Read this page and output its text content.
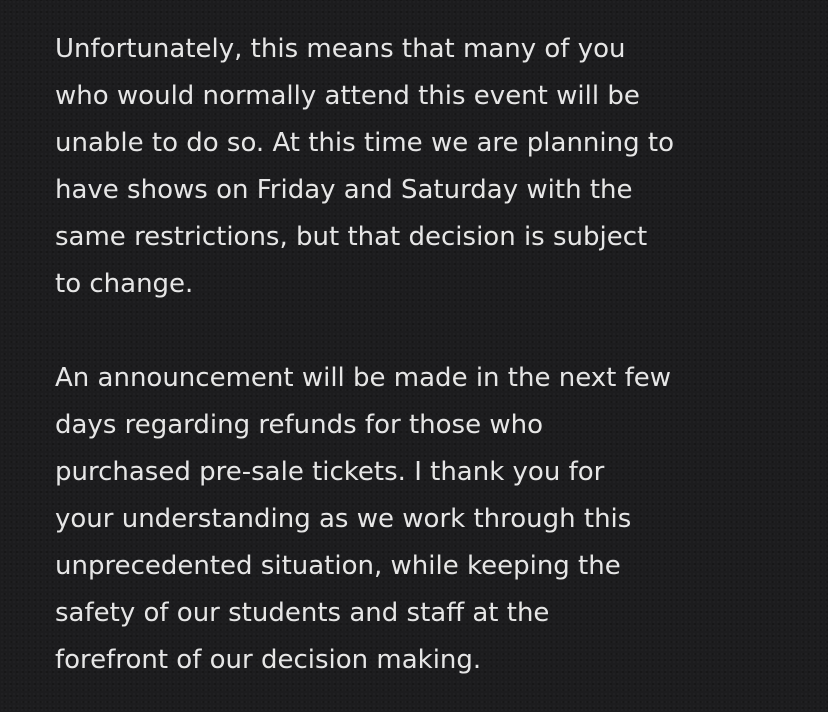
Unfortunately, this means that many of you
who would normally attend this event will be
unable to do so. At this time we are planning to
have shows on Friday and Saturday with the
same restrictions, but that decision is subject
to change.
An announcement will be made in the next few
days regarding refunds for those who
purchased pre-sale tickets. I thank you for
your understanding as we work through this
unprecedented situation, while keeping the
safety of our students and staff at the
forefront of our decision making.
